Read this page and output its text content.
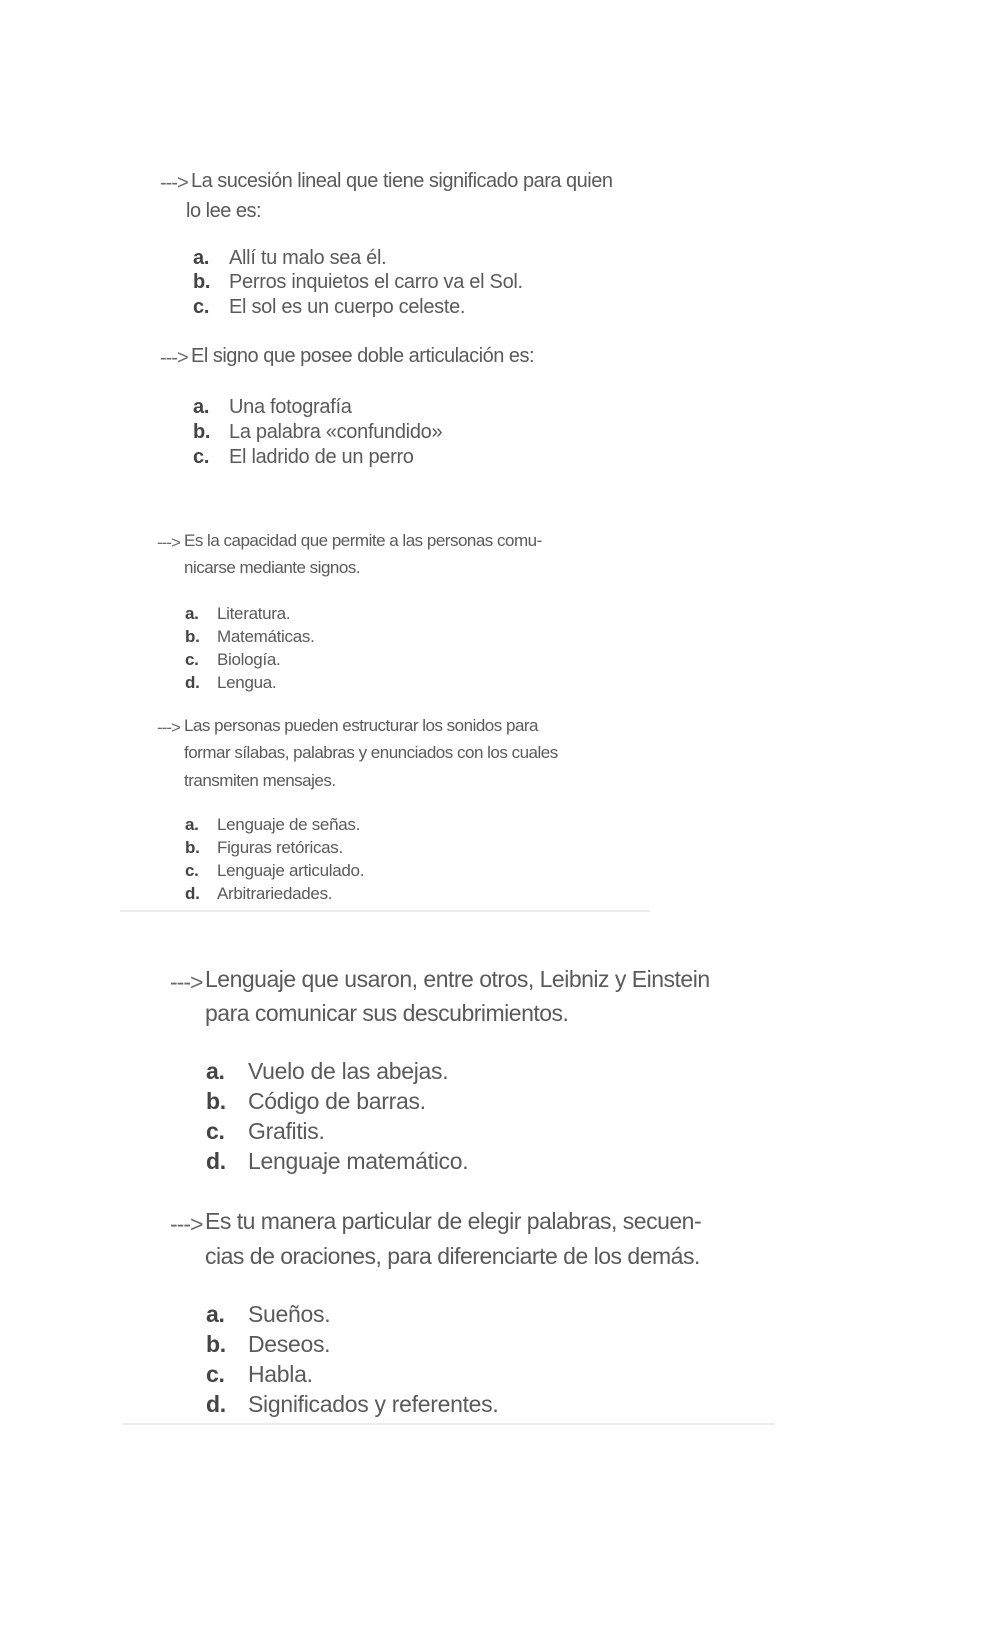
---> La sucesión lineal que tiene significado para quien
lo lee es:
a. Allí tu malo sea él.
b. Perros inquietos el carro va el Sol.
c. El sol es un cuerpo celeste.
---> El signo que posee doble articulación es:
a. Una fotografía
b. La palabra «confundido»
c. El ladrido de un perro
---> Es la capacidad que permite a las personas comu-
nicarse mediante signos.
a. Literatura.
b. Matemáticas.
c. Biología.
d. Lengua.
---> Las personas pueden estructurar los sonidos para
formar sílabas, palabras y enunciados con los cuales
transmiten mensajes.
a. Lenguaje de señas.
b. Figuras retóricas.
c. Lenguaje articulado.
d. Arbitrariedades.
---> Lenguaje que usaron, entre otros, Leibniz y Einstein
para comunicar sus descubrimientos.
a. Vuelo de las abejas.
b. Código de barras.
c. Grafitis.
d. Lenguaje matemático.
---> Es tu manera particular de elegir palabras, secuen-
cias de oraciones, para diferenciarte de los demás.
a. Sueños.
b. Deseos.
c. Habla.
d. Significados y referentes.
